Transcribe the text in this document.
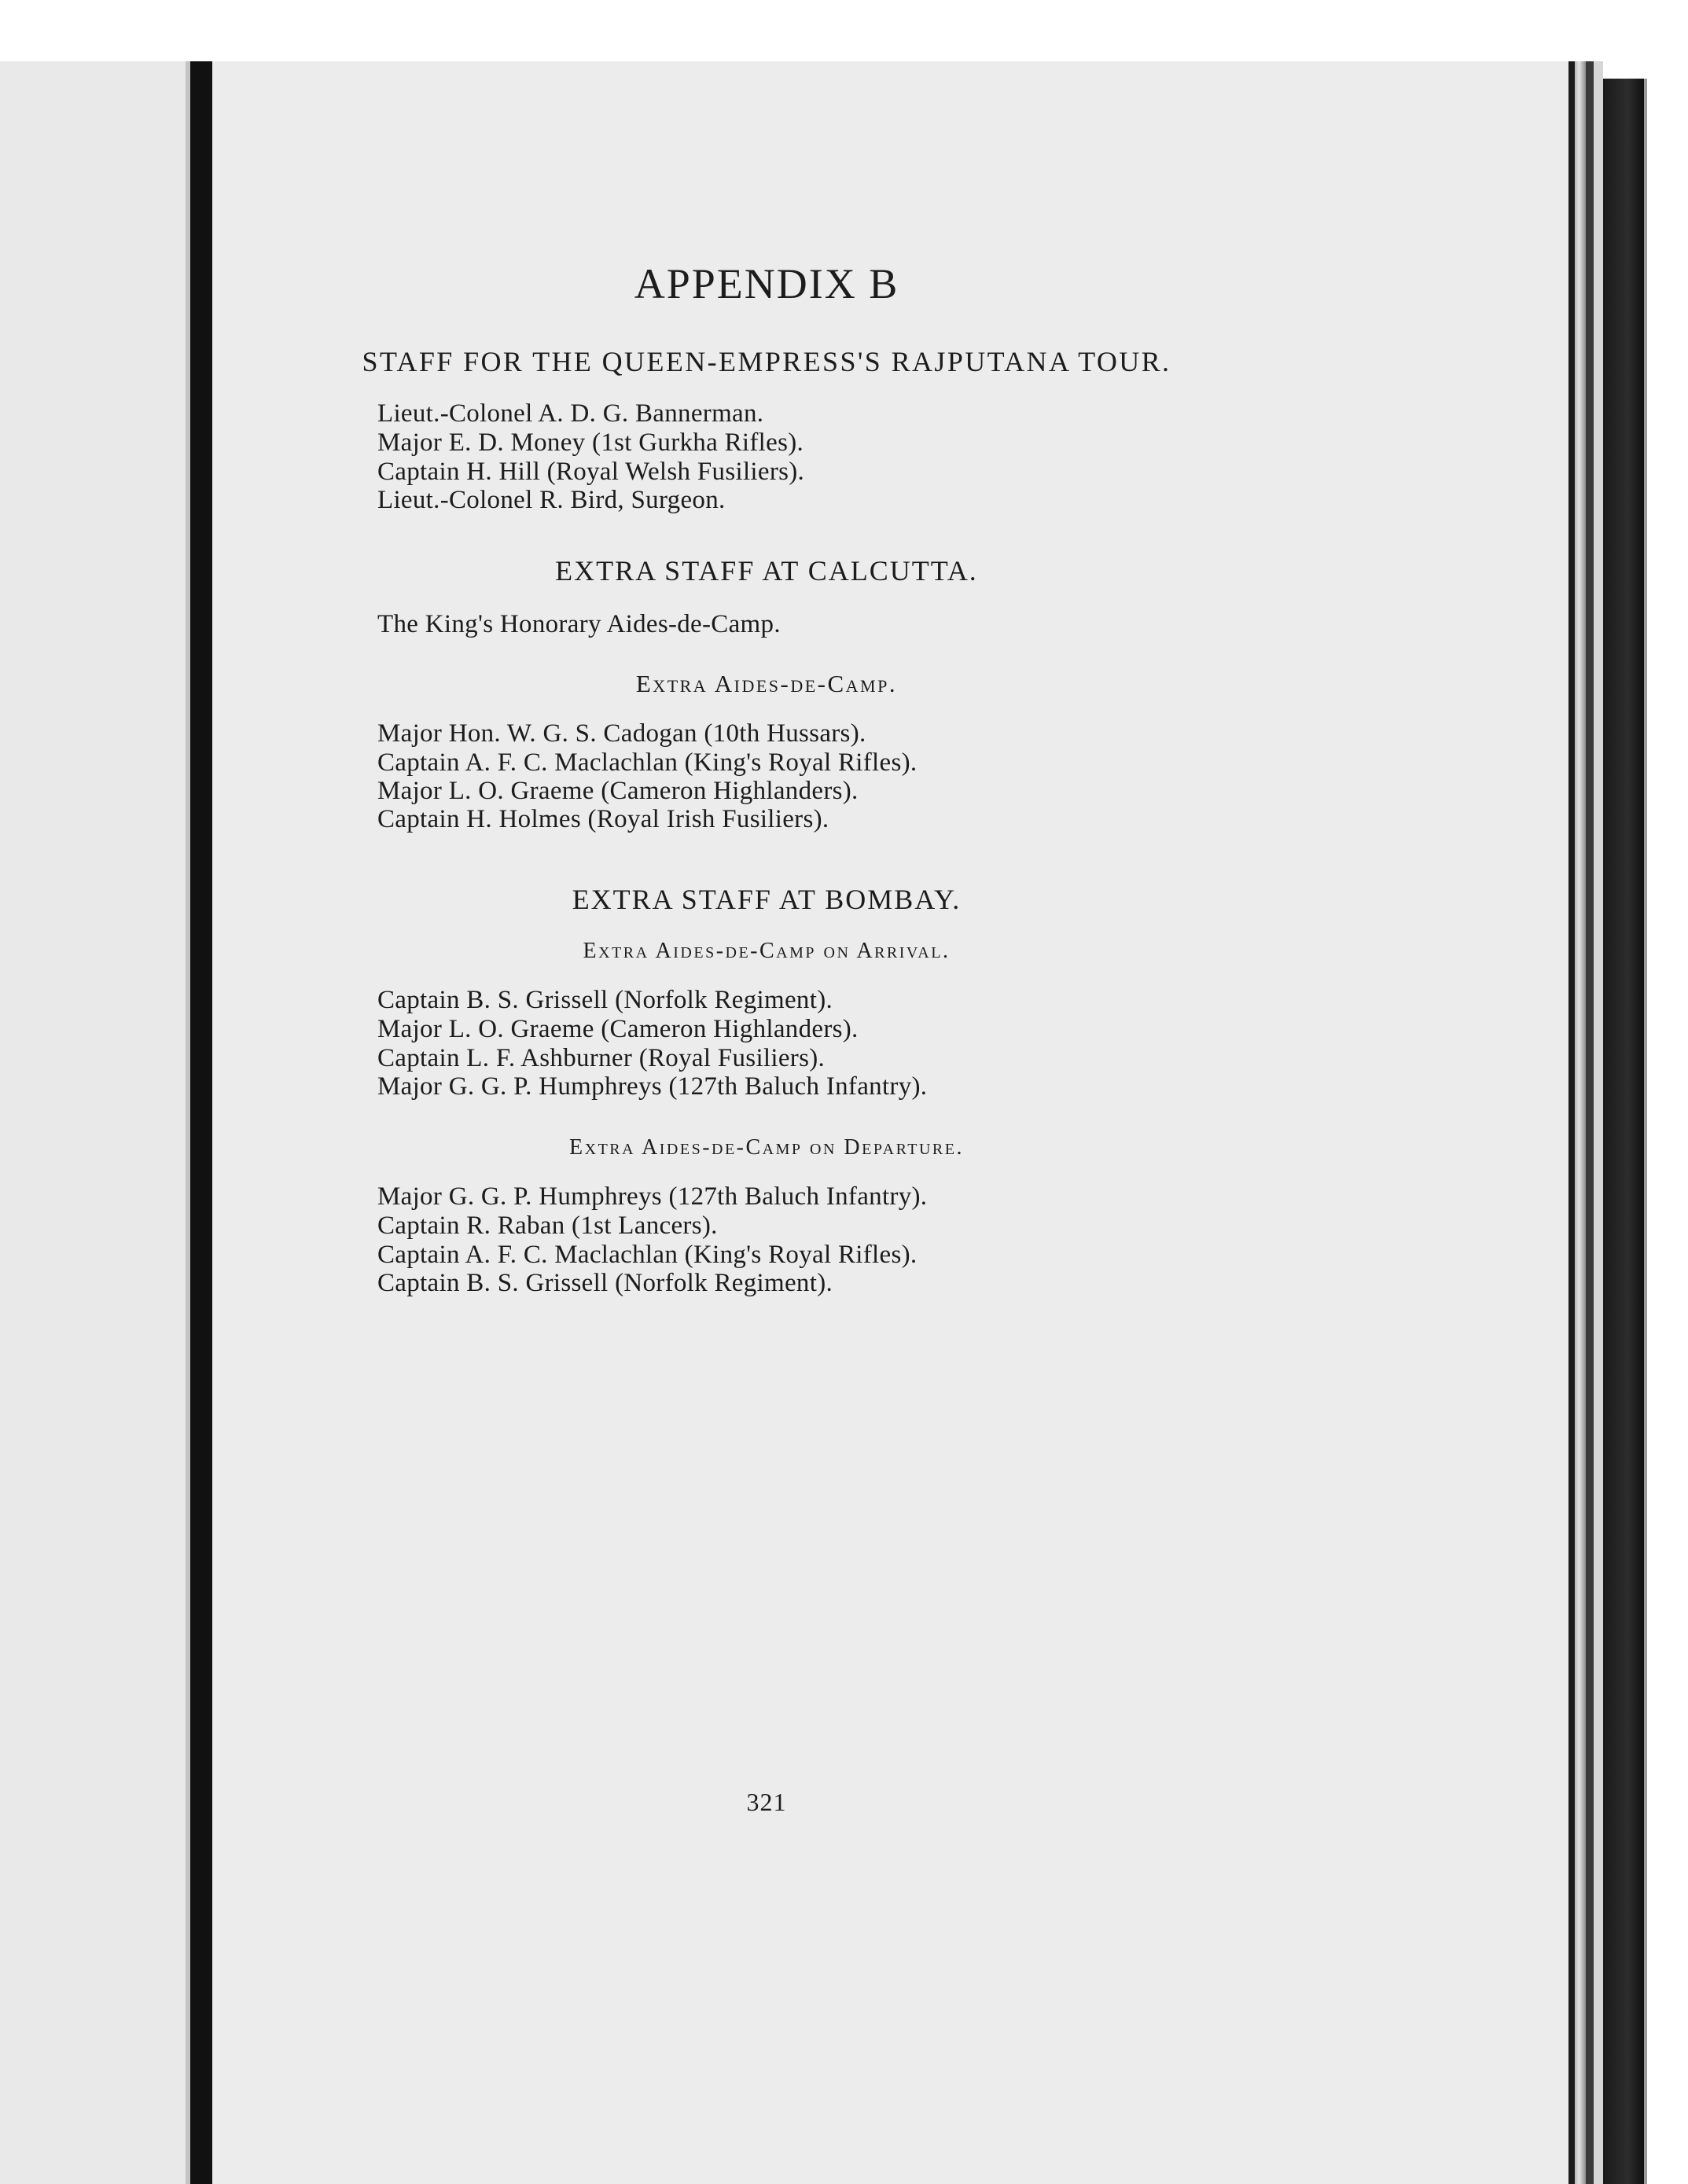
APPENDIX B

STAFF FOR THE QUEEN-EMPRESS'S RAJPUTANA TOUR.

Lieut.-Colonel A. D. G. Bannerman.

Major E. D. Money (1st Gurkha Rifles).

Captain H. Hill (Royal Welsh Fusiliers).

Lieut.-Colonel R. Bird, Surgeon.

EXTRA STAFF AT CALCUTTA.

The King's Honorary Aides-de-Camp.

Extra Aides-de-Camp.

Major Hon. W. G. S. Cadogan (10th Hussars).

Captain A. F. C. Maclachlan (King's Royal Rifles).

Major L. O. Graeme (Cameron Highlanders).

Captain H. Holmes (Royal Irish Fusiliers).

EXTRA STAFF AT BOMBAY.

Extra Aides-de-Camp on Arrival.

Captain B. S. Grissell (Norfolk Regiment).

Major L. O. Graeme (Cameron Highlanders).

Captain L. F. Ashburner (Royal Fusiliers).

Major G. G. P. Humphreys (127th Baluch Infantry).

Extra Aides-de-Camp on Departure.

Major G. G. P. Humphreys (127th Baluch Infantry).

Captain R. Raban (1st Lancers).

Captain A. F. C. Maclachlan (King's Royal Rifles).

Captain B. S. Grissell (Norfolk Regiment).

321
